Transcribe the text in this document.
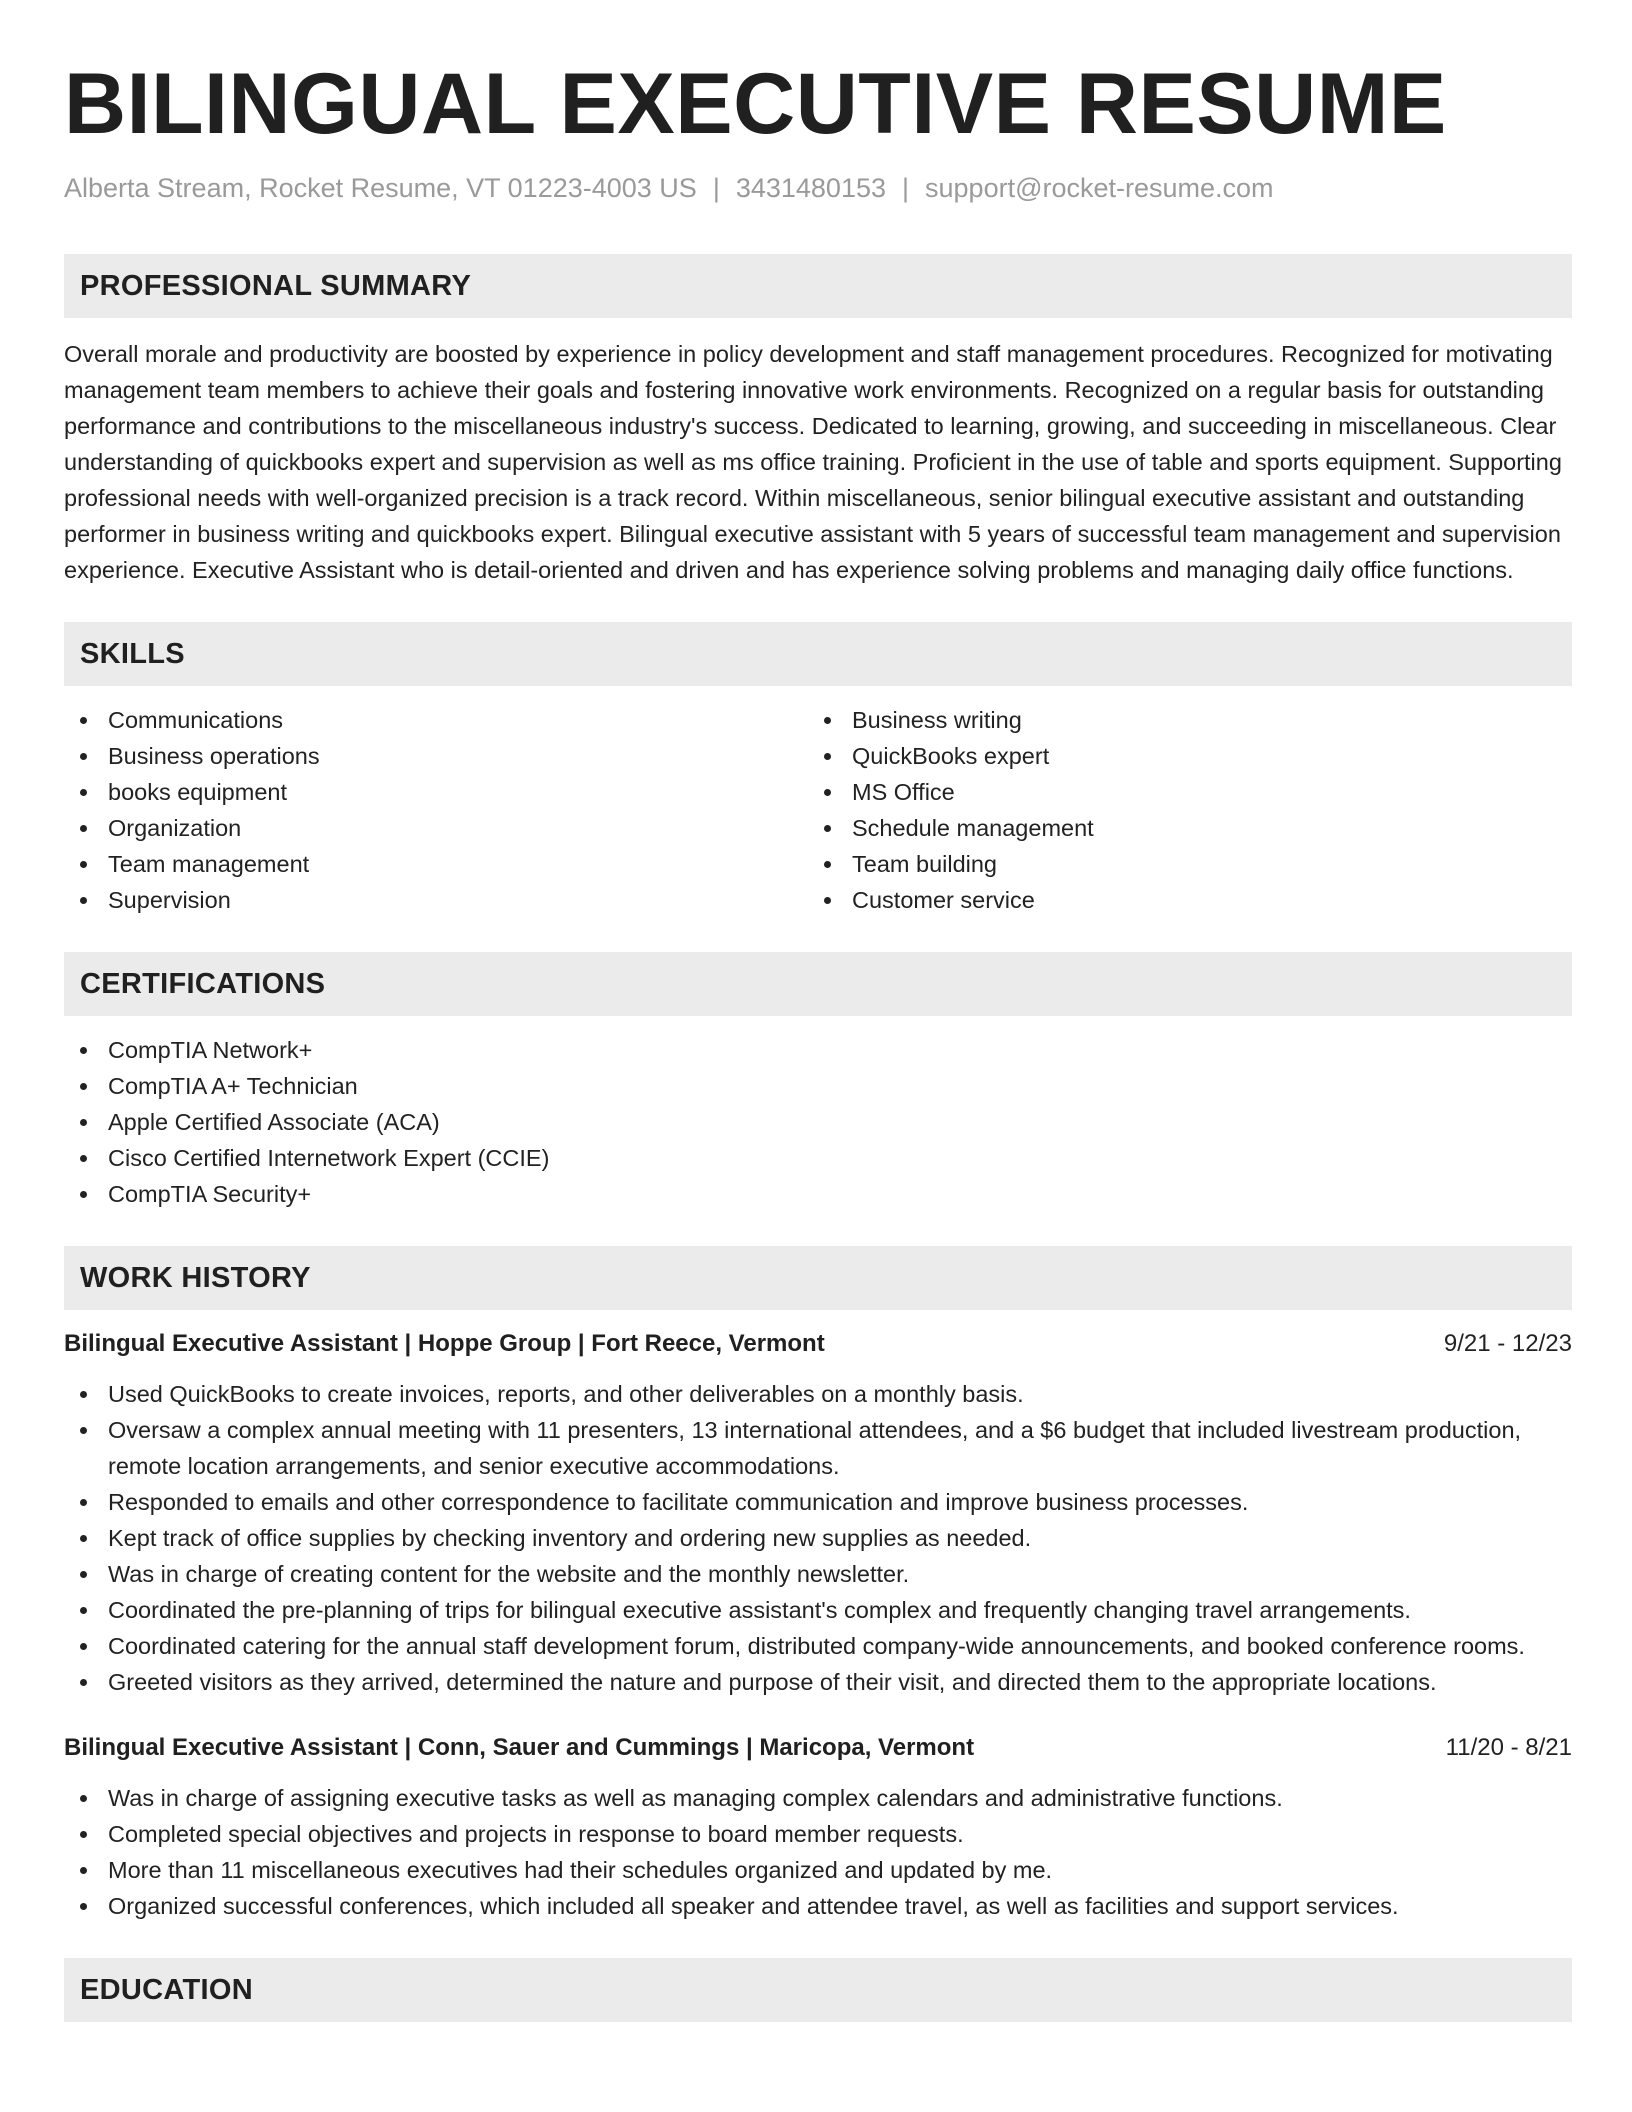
BILINGUAL EXECUTIVE RESUME
Alberta Stream, Rocket Resume, VT 01223-4003 US | 3431480153 | support@rocket-resume.com
PROFESSIONAL SUMMARY

Overall morale and productivity are boosted by experience in policy development and staff management procedures. Recognized for motivating management team members to achieve their goals and fostering innovative work environments. Recognized on a regular basis for outstanding performance and contributions to the miscellaneous industry's success. Dedicated to learning, growing, and succeeding in miscellaneous. Clear understanding of quickbooks expert and supervision as well as ms office training. Proficient in the use of table and sports equipment. Supporting professional needs with well-organized precision is a track record. Within miscellaneous, senior bilingual executive assistant and outstanding performer in business writing and quickbooks expert. Bilingual executive assistant with 5 years of successful team management and supervision experience. Executive Assistant who is detail-oriented and driven and has experience solving problems and managing daily office functions.

SKILLS
Communications
Business operations
books equipment
Organization
Team management
Supervision
Business writing
QuickBooks expert
MS Office
Schedule management
Team building
Customer service
CERTIFICATIONS
CompTIA Network+
CompTIA A+ Technician
Apple Certified Associate (ACA)
Cisco Certified Internetwork Expert (CCIE)
CompTIA Security+
WORK HISTORY
Bilingual Executive Assistant | Hoppe Group | Fort Reece, Vermont	9/21 - 12/23
Used QuickBooks to create invoices, reports, and other deliverables on a monthly basis.
Oversaw a complex annual meeting with 11 presenters, 13 international attendees, and a $6 budget that included livestream production, remote location arrangements, and senior executive accommodations.
Responded to emails and other correspondence to facilitate communication and improve business processes.
Kept track of office supplies by checking inventory and ordering new supplies as needed.
Was in charge of creating content for the website and the monthly newsletter.
Coordinated the pre-planning of trips for bilingual executive assistant's complex and frequently changing travel arrangements.
Coordinated catering for the annual staff development forum, distributed company-wide announcements, and booked conference rooms.
Greeted visitors as they arrived, determined the nature and purpose of their visit, and directed them to the appropriate locations.
Bilingual Executive Assistant | Conn, Sauer and Cummings | Maricopa, Vermont	11/20 - 8/21
Was in charge of assigning executive tasks as well as managing complex calendars and administrative functions.
Completed special objectives and projects in response to board member requests.
More than 11 miscellaneous executives had their schedules organized and updated by me.
Organized successful conferences, which included all speaker and attendee travel, as well as facilities and support services.
EDUCATION
